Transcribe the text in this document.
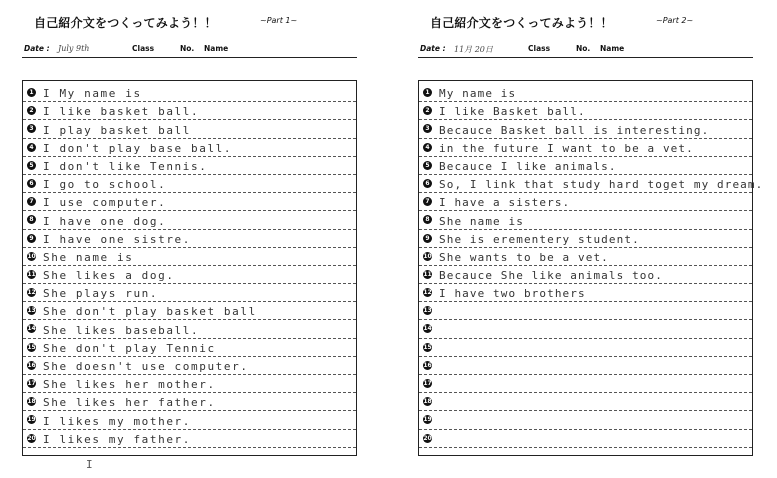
自己紹介文をつくってみよう！！	~Part 1~
Date : July 9th	Class	No. Name
1 I My name is
2 I like basket ball.
3 I play basket ball
4 I don't play base ball.
5 I don't like Tennis.
6 I go to school.
7 I use computer.
8 I have one dog.
9 I have one sistre.
10 She name is
11 She likes a dog.
12 She plays run.
13 She don't play basket ball
14 She likes baseball.
15 She don't play Tennic
16 She doesn't use computer.
17 She likes her mother.
18 She likes her father.
19 I likes my mother.
20 I likes my father.
I
自己紹介文をつくってみよう！！	~Part 2~
Date : 11月 20日	Class	No. Name
1 My name is
2 I like Basket ball.
3 Becauce Basket ball is interesting.
4 in the future I want to be a vet.
5 Becauce I like animals.
6 So, I link that study hard toget my dream.
7 I have a sisters.
8 She name is
9 She is erementery student.
10 She wants to be a vet.
11 Becauce She like animals too.
12 I have two brothers
13
14
15
16
17
18
19
20
